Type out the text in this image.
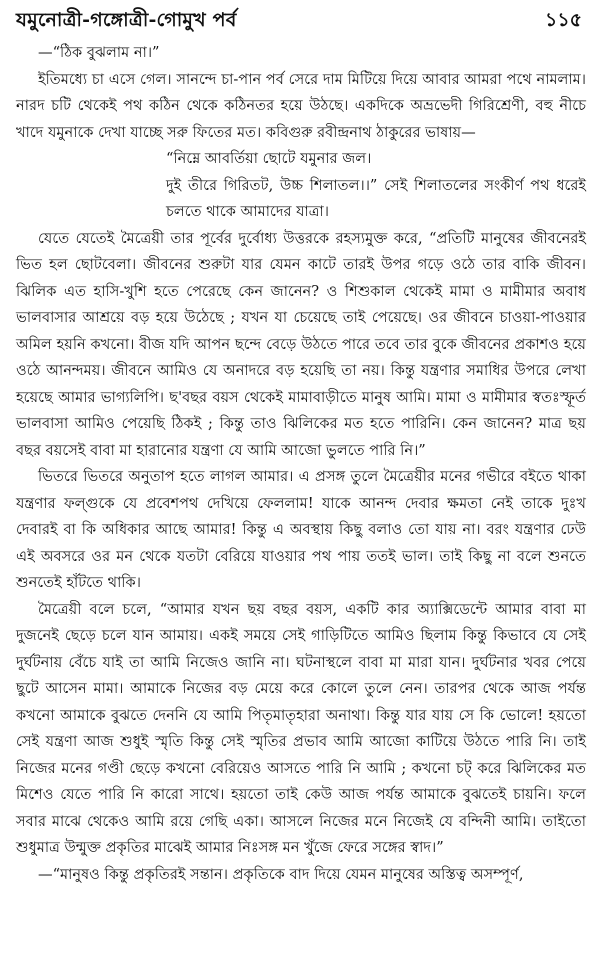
যমুনোত্রী-গঙ্গোত্রী-গোমুখ পর্ব	১১৫

—“ঠিক বুঝলাম না।”

ইতিমধ্যে চা এসে গেল। সানন্দে চা-পান পর্ব সেরে দাম মিটিয়ে দিয়ে আবার আমরা পথে নামলাম। নারদ চটি থেকেই পথ কঠিন থেকে কঠিনতর হয়ে উঠছে। একদিকে অভ্রভেদী গিরিশ্রেণী, বহু নীচে খাদে যমুনাকে দেখা যাচ্ছে সরু ফিতের মত। কবিগুরু রবীন্দ্রনাথ ঠাকুরের ভাষায়—

“নিম্নে আবর্তিয়া ছোটে যমুনার জল।

দুই তীরে গিরিতট, উচ্চ শিলাতল।।” সেই শিলাতলের সংকীর্ণ পথ ধরেই চলতে থাকে আমাদের যাত্রা।

যেতে যেতেই মৈত্রেয়ী তার পূর্বের দুর্বোধ্য উত্তরকে রহস্যমুক্ত করে, “প্রতিটি মানুষের জীবনেরই ভিত হল ছোটবেলা। জীবনের শুরুটা যার যেমন কাটে তারই উপর গড়ে ওঠে তার বাকি জীবন। ঝিলিক এত হাসি-খুশি হতে পেরেছে কেন জানেন? ও শিশুকাল থেকেই মামা ও মামীমার অবাধ ভালবাসার আশ্রয়ে বড় হয়ে উঠেছে ; যখন যা চেয়েছে তাই পেয়েছে। ওর জীবনে চাওয়া-পাওয়ার অমিল হয়নি কখনো। বীজ যদি আপন ছন্দে বেড়ে উঠতে পারে তবে তার বুকে জীবনের প্রকাশও হয়ে ওঠে আনন্দময়। জীবনে আমিও যে অনাদরে বড় হয়েছি তা নয়। কিন্তু যন্ত্রণার সমাধির উপরে লেখা হয়েছে আমার ভাগ্যলিপি। ছ'বছর বয়স থেকেই মামাবাড়ীতে মানুষ আমি। মামা ও মামীমার স্বতঃস্ফূর্ত ভালবাসা আমিও পেয়েছি ঠিকই ; কিন্তু তাও ঝিলিকের মত হতে পারিনি। কেন জানেন? মাত্র ছয় বছর বয়সেই বাবা মা হারানোর যন্ত্রণা যে আমি আজো ভুলতে পারি নি।”

ভিতরে ভিতরে অনুতাপ হতে লাগল আমার। এ প্রসঙ্গ তুলে মৈত্রেয়ীর মনের গভীরে বইতে থাকা যন্ত্রণার ফল্গুকে যে প্রবেশপথ দেখিয়ে ফেললাম! যাকে আনন্দ দেবার ক্ষমতা নেই তাকে দুঃখ দেবারই বা কি অধিকার আছে আমার! কিন্তু এ অবস্থায় কিছু বলাও তো যায় না। বরং যন্ত্রণার ঢেউ এই অবসরে ওর মন থেকে যতটা বেরিয়ে যাওয়ার পথ পায় ততই ভাল। তাই কিছু না বলে শুনতে শুনতেই হাঁটতে থাকি।

মৈত্রেয়ী বলে চলে, “আমার যখন ছয় বছর বয়স, একটি কার অ্যাক্সিডেন্টে আমার বাবা মা দুজনেই ছেড়ে চলে যান আমায়। একই সময়ে সেই গাড়িটিতে আমিও ছিলাম কিন্তু কিভাবে যে সেই দুর্ঘটনায় বেঁচে যাই তা আমি নিজেও জানি না। ঘটনাস্থলে বাবা মা মারা যান। দুর্ঘটনার খবর পেয়ে ছুটে আসেন মামা। আমাকে নিজের বড় মেয়ে করে কোলে তুলে নেন। তারপর থেকে আজ পর্যন্ত কখনো আমাকে বুঝতে দেননি যে আমি পিতৃমাতৃহারা অনাথা। কিন্তু যার যায় সে কি ভোলে! হয়তো সেই যন্ত্রণা আজ শুধুই স্মৃতি কিন্তু সেই স্মৃতির প্রভাব আমি আজো কাটিয়ে উঠতে পারি নি। তাই নিজের মনের গণ্ডী ছেড়ে কখনো বেরিয়েও আসতে পারি নি আমি ; কখনো চট্ করে ঝিলিকের মত মিশেও যেতে পারি নি কারো সাথে। হয়তো তাই কেউ আজ পর্যন্ত আমাকে বুঝতেই চায়নি। ফলে সবার মাঝে থেকেও আমি রয়ে গেছি একা। আসলে নিজের মনে নিজেই যে বন্দিনী আমি। তাইতো শুধুমাত্র উন্মুক্ত প্রকৃতির মাঝেই আমার নিঃসঙ্গ মন খুঁজে ফেরে সঙ্গের স্বাদ।”

—“মানুষও কিন্তু প্রকৃতিরই সন্তান। প্রকৃতিকে বাদ দিয়ে যেমন মানুষের অস্তিত্ব অসম্পূর্ণ,
